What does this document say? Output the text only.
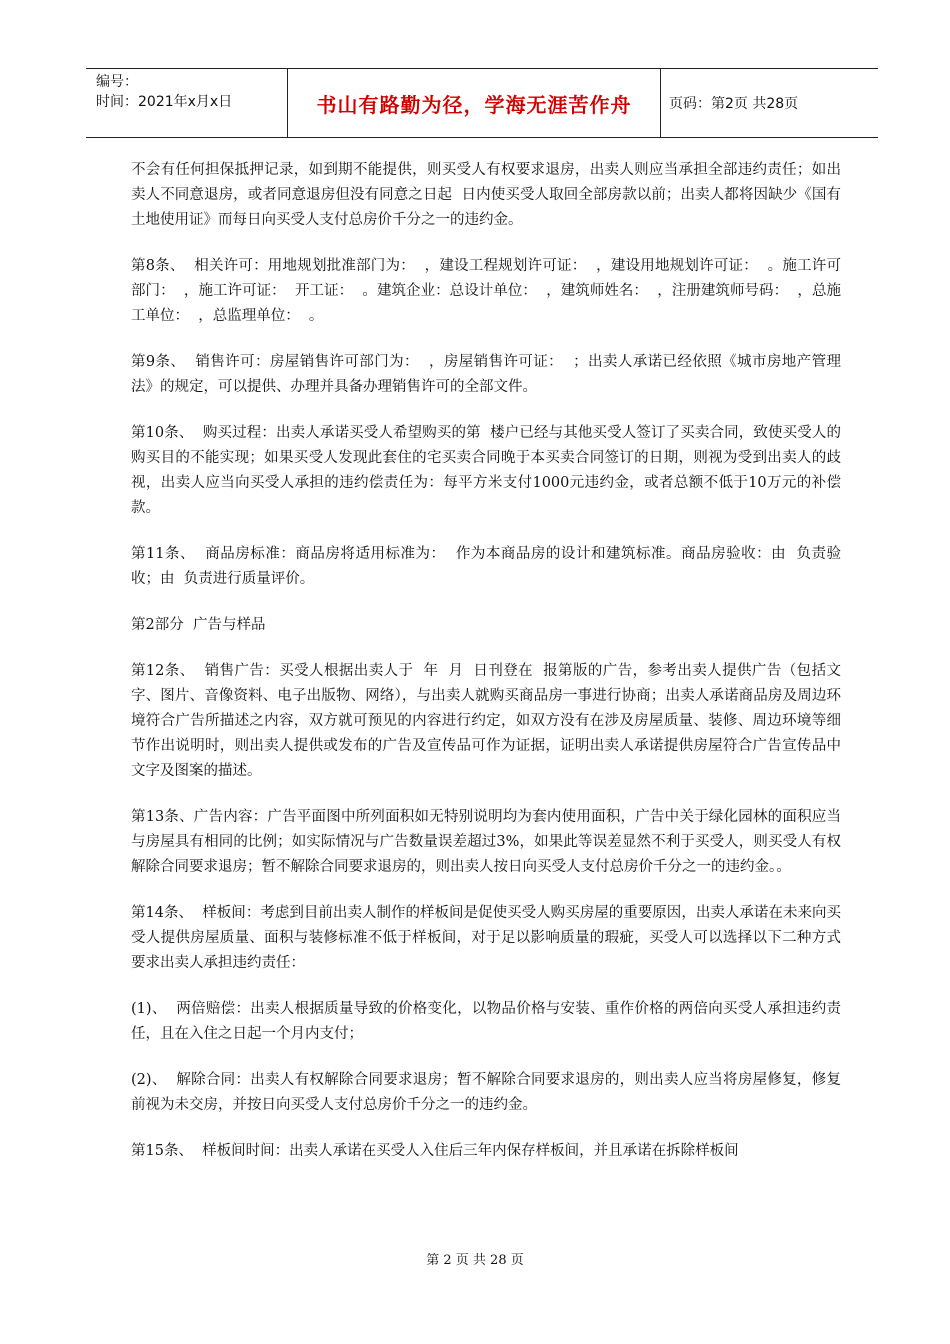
编号：
时间：2021年x月x日	书山有路勤为径，学海无涯苦作舟	页码：第2页 共28页

不会有任何担保抵押记录，如到期不能提供，则买受人有权要求退房，出卖人则应当承担全部违约责任；如出卖人不同意退房，或者同意退房但没有同意之日起  日内使买受人取回全部房款以前；出卖人都将因缺少《国有土地使用证》而每日向买受人支付总房价千分之一的违约金。

第8条、  相关许可：用地规划批准部门为：  ，建设工程规划许可证：  ，建设用地规划许可证：  。施工许可部门：  ，施工许可证：  开工证：  。建筑企业：总设计单位：  ，建筑师姓名：  ，注册建筑师号码：  ，总施工单位：  ，总监理单位：  。

第9条、  销售许可：房屋销售许可部门为：  ，房屋销售许可证：  ；出卖人承诺已经依照《城市房地产管理法》的规定，可以提供、办理并具备办理销售许可的全部文件。

第10条、  购买过程：出卖人承诺买受人希望购买的第  楼户已经与其他买受人签订了买卖合同，致使买受人的购买目的不能实现；如果买受人发现此套住的宅买卖合同晚于本买卖合同签订的日期，则视为受到出卖人的歧视，出卖人应当向买受人承担的违约偿责任为：每平方米支付1000元违约金，或者总额不低于10万元的补偿款。

第11条、  商品房标准：商品房将适用标准为：  作为本商品房的设计和建筑标准。商品房验收：由  负责验收；由  负责进行质量评价。

第2部分  广告与样品

第12条、  销售广告：买受人根据出卖人于  年  月  日刊登在  报第版的广告，参考出卖人提供广告（包括文字、图片、音像资料、电子出版物、网络），与出卖人就购买商品房一事进行协商；出卖人承诺商品房及周边环境符合广告所描述之内容，双方就可预见的内容进行约定，如双方没有在涉及房屋质量、装修、周边环境等细节作出说明时，则出卖人提供或发布的广告及宣传品可作为证据，证明出卖人承诺提供房屋符合广告宣传品中文字及图案的描述。

第13条、广告内容：广告平面图中所列面积如无特别说明均为套内使用面积，广告中关于绿化园林的面积应当与房屋具有相同的比例；如实际情况与广告数量误差超过3%，如果此等误差显然不利于买受人，则买受人有权解除合同要求退房；暂不解除合同要求退房的，则出卖人按日向买受人支付总房价千分之一的违约金。。

第14条、  样板间：考虑到目前出卖人制作的样板间是促使买受人购买房屋的重要原因，出卖人承诺在未来向买受人提供房屋质量、面积与装修标准不低于样板间，对于足以影响质量的瑕疵，买受人可以选择以下二种方式要求出卖人承担违约责任：

(1)、  两倍赔偿：出卖人根据质量导致的价格变化，以物品价格与安装、重作价格的两倍向买受人承担违约责任，且在入住之日起一个月内支付；

(2)、  解除合同：出卖人有权解除合同要求退房；暂不解除合同要求退房的，则出卖人应当将房屋修复，修复前视为未交房，并按日向买受人支付总房价千分之一的违约金。

第15条、  样板间时间：出卖人承诺在买受人入住后三年内保存样板间，并且承诺在拆除样板间

第 2 页 共 28 页
